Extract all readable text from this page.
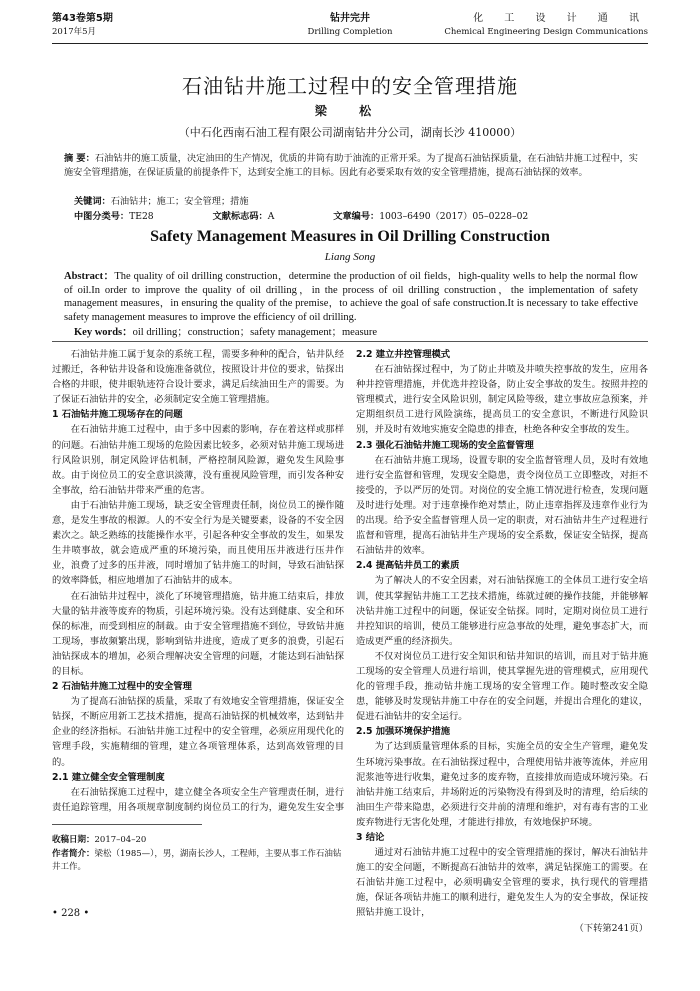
第43卷第5期
2017年5月
钻井完井
Drilling Completion
化 工 设 计 通 讯
Chemical Engineering Design Communications
石油钻井施工过程中的安全管理措施
梁 松
（中石化西南石油工程有限公司湖南钻井分公司，湖南长沙 410000）
摘 要：石油钻井的施工质量，决定油田的生产情况，优质的井筒有助于油流的正常开采。为了提高石油钻探质量，在石油钻井施工过程中，实施安全管理措施，在保证质量的前提条件下，达到安全施工的目标。因此有必要采取有效的安全管理措施，提高石油钻探的效率。
关键词：石油钻井；施工；安全管理；措施
中图分类号：TE28	文献标志码：A	文章编号：1003–6490（2017）05–0228–02
Safety Management Measures in Oil Drilling Construction
Liang Song
Abstract：The quality of oil drilling construction，determine the production of oil fields，high-quality wells to help the normal flow of oil.In order to improve the quality of oil drilling，in the process of oil drilling construction，the implementation of safety management measures，in ensuring the quality of the premise，to achieve the goal of safe construction.It is necessary to take effective safety management measures to improve the efficiency of oil drilling.
Key words：oil drilling；construction；safety management；measure

石油钻井施工属于复杂的系统工程，需要多种种的配合，钻井队经过搬迁，各种钻井设备和设施准备就位，按照设计井位的要求，钻探出合格的井眼，使井眼轨迹符合设计要求，满足后续油田生产的需要。为了保证石油钻井的安全，必须制定安全施工管理措施。

1 石油钻井施工现场存在的问题

在石油钻井施工过程中，由于多中因素的影响，存在着这样或那样的问题。石油钻井施工现场的危险因素比较多，必须对钻井施工现场进行风险识别，制定风险评估机制，严格控制风险源，避免发生风险事故。由于岗位员工的安全意识淡薄，没有重视风险管理，而引发各种安全事故，给石油钻井带来严重的危害。

由于石油钻井施工现场，缺乏安全管理责任制，岗位员工的操作随意，是发生事故的根源。人的不安全行为是关键要素，设备的不安全因素次之。缺乏熟练的技能操作水平，引起各种安全事故的发生，如果发生井喷事故，就会造成严重的环境污染，而且使用压井液进行压井作业，浪费了过多的压井液，同时增加了钻井施工的时间，导致石油钻探的效率降低，相应地增加了石油钻井的成本。

在石油钻井过程中，淡化了环境管理措施，钻井施工结束后，排放大量的钻井液等废弃的物质，引起环境污染。没有达到健康、安全和环保的标准，而受到相应的制裁。由于安全管理措施不到位，导致钻井施工现场，事故频繁出现，影响到钻井进度，造成了更多的浪费，引起石油钻探成本的增加，必须合理解决安全管理的问题，才能达到石油钻探的目标。

2 石油钻井施工过程中的安全管理

为了提高石油钻探的质量，采取了有效地安全管理措施，保证安全钻探，不断应用新工艺技术措施，提高石油钻探的机械效率，达到钻井企业的经济指标。石油钻井施工过程中的安全管理，必须应用现代化的管理手段，实施精细的管理，建立各项管理体系，达到高效管理的目的。

2.1 建立健全安全管理制度

在石油钻探施工过程中，建立健全各项安全生产管理责任制，进行责任追踪管理，用各项规章制度制约岗位员工的行为，避免发生安全事

2.2 建立井控管理模式

在石油钻探过程中，为了防止井喷及井喷失控事故的发生，应用各种井控管理措施，并优选井控设备，防止安全事故的发生。按照井控的管理模式，进行安全风险识别，制定风险等级，建立事故应急预案，并定期组织员工进行风险演练，提高员工的安全意识，不断进行风险识别，并及时有效地实施安全隐患的排查，杜绝各种安全事故的发生。

2.3 强化石油钻井施工现场的安全监督管理

在石油钻井施工现场，设置专职的安全监督管理人员，及时有效地进行安全监督和管理，发现安全隐患，责令岗位员工立即整改，对拒不接受的，予以严厉的处罚。对岗位的安全施工情况进行检查，发现问题及时进行处理。对于违章操作绝对禁止，防止违章指挥及违章作业行为的出现。给予安全监督管理人员一定的职责，对石油钻井生产过程进行监督和管理，提高石油钻井生产现场的安全系数，保证安全钻探，提高石油钻井的效率。

2.4 提高钻井员工的素质

为了解决人的不安全因素，对石油钻探施工的全体员工进行安全培训，使其掌握钻井施工工艺技术措施，练就过硬的操作技能，并能够解决钻井施工过程中的问题，保证安全钻探。同时，定期对岗位员工进行井控知识的培训，使员工能够进行应急事故的处理，避免事态扩大，而造成更严重的经济损失。

不仅对岗位员工进行安全知识和钻井知识的培训，而且对于钻井施工现场的安全管理人员进行培训，使其掌握先进的管理模式，应用现代化的管理手段，推动钻井施工现场的安全管理工作。随时整改安全隐患，能够及时发现钻井施工中存在的安全问题，并提出合理化的建议，促进石油钻井的安全运行。

2.5 加强环境保护措施

为了达到质量管理体系的目标，实施全员的安全生产管理，避免发生环境污染事故。在石油钻探过程中，合理使用钻井液等流体，并应用泥浆池等进行收集，避免过多的废弃物，直接排放而造成环境污染。石油钻井施工结束后，井场附近的污染物没有得到及时的清理，给后续的油田生产带来隐患，必须进行交井前的清理和维护，对有毒有害的工业废弃物进行无害化处理，才能进行排放，有效地保护环境。

3 结论

通过对石油钻井施工过程中的安全管理措施的探讨，解决石油钻井施工的安全问题，不断提高石油钻井的效率，满足钻探施工的需要。在石油钻井施工过程中，必须明确安全管理的要求，执行现代的管理措施，保证各项钻井施工的顺利进行，避免发生人为的安全事故，保证按照钻井施工设计，

（下转第241页）
收稿日期：2017–04–20
作者简介：梁松（1985—），男，湖南长沙人，工程师，主要从事工作石油钻井工作。
• 228 •
